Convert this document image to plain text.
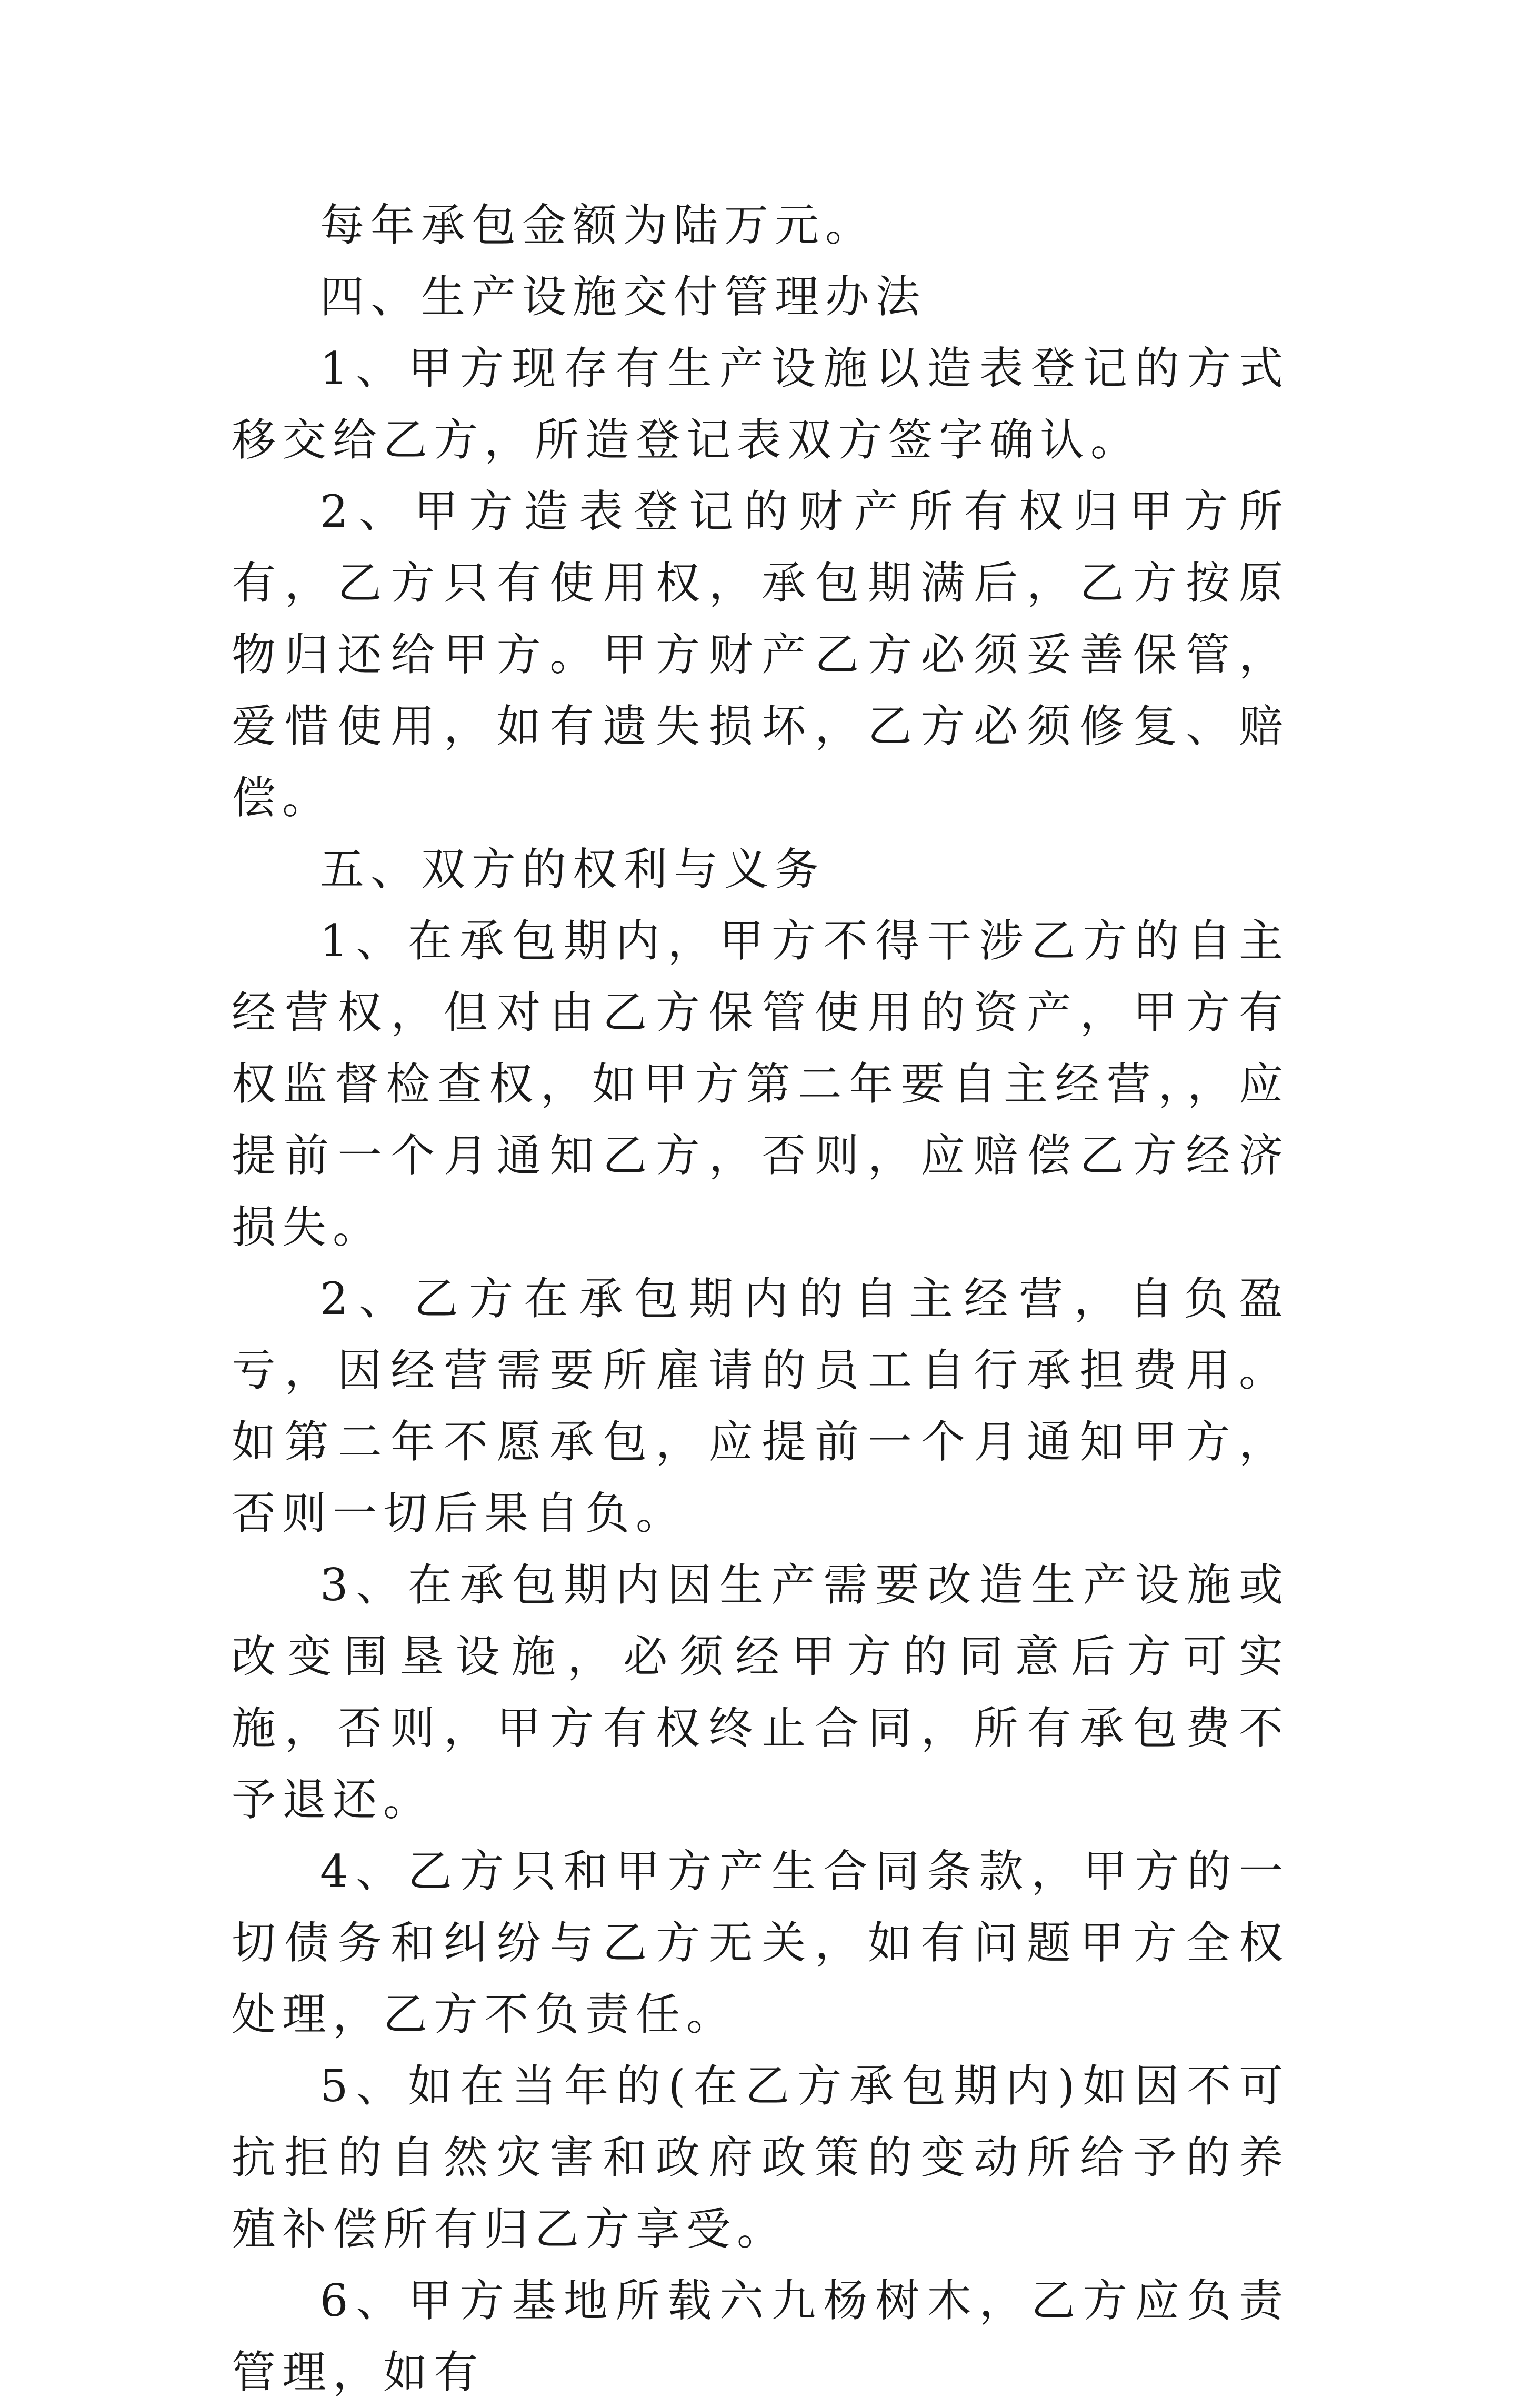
每年承包金额为陆万元。

四、生产设施交付管理办法

1、甲方现存有生产设施以造表登记的方式移交给乙方，所造登记表双方签字确认。

2、甲方造表登记的财产所有权归甲方所有，乙方只有使用权，承包期满后，乙方按原物归还给甲方。甲方财产乙方必须妥善保管，爱惜使用，如有遗失损坏，乙方必须修复、赔偿。

五、双方的权利与义务

1、在承包期内，甲方不得干涉乙方的自主经营权，但对由乙方保管使用的资产，甲方有权监督检查权，如甲方第二年要自主经营，，应提前一个月通知乙方，否则，应赔偿乙方经济损失。

2、乙方在承包期内的自主经营，自负盈亏，因经营需要所雇请的员工自行承担费用。如第二年不愿承包，应提前一个月通知甲方，否则一切后果自负。

3、在承包期内因生产需要改造生产设施或改变围垦设施，必须经甲方的同意后方可实施，否则，甲方有权终止合同，所有承包费不予退还。

4、乙方只和甲方产生合同条款，甲方的一切债务和纠纷与乙方无关，如有问题甲方全权处理，乙方不负责任。

5、如在当年的(在乙方承包期内)如因不可抗拒的自然灾害和政府政策的变动所给予的养殖补偿所有归乙方享受。

6、甲方基地所载六九杨树木，乙方应负责管理，如有
